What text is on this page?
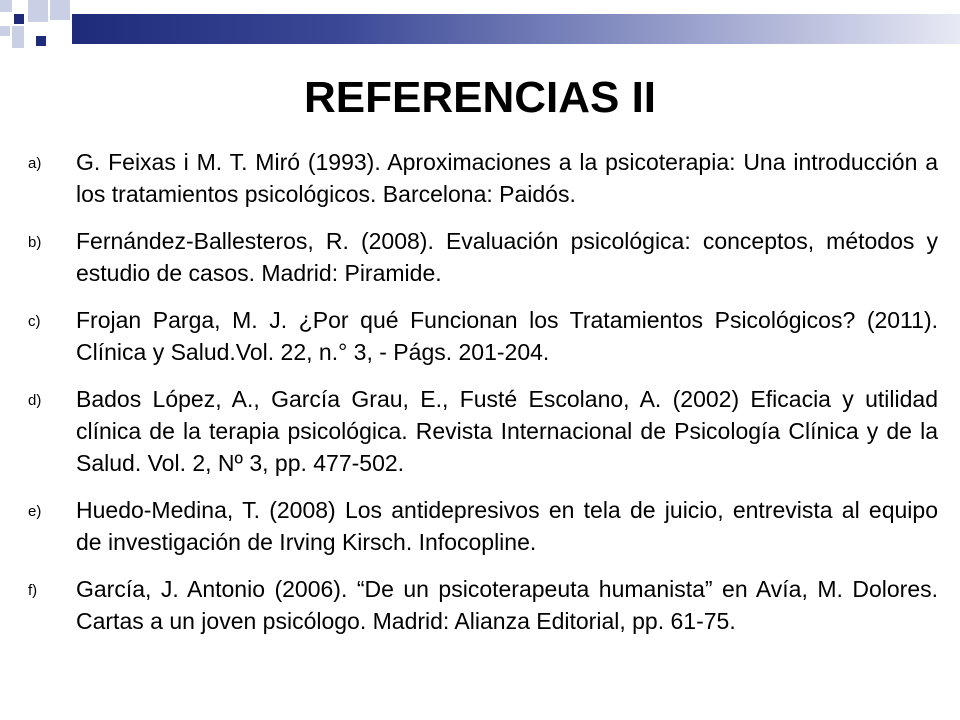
REFERENCIAS II
a) G. Feixas i M. T. Miró (1993). Aproximaciones a la psicoterapia: Una introducción a los tratamientos psicológicos. Barcelona: Paidós.
b) Fernández-Ballesteros, R. (2008). Evaluación psicológica: conceptos, métodos y estudio de casos. Madrid: Piramide.
c) Frojan Parga, M. J. ¿Por qué Funcionan los Tratamientos Psicológicos? (2011). Clínica y Salud.Vol. 22, n.° 3, - Págs. 201-204.
d) Bados López, A., García Grau, E., Fusté Escolano, A. (2002) Eficacia y utilidad clínica de la terapia psicológica. Revista Internacional de Psicología Clínica y de la Salud. Vol. 2, Nº 3, pp. 477-502.
e) Huedo-Medina, T. (2008) Los antidepresivos en tela de juicio, entrevista al equipo de investigación de Irving Kirsch. Infocopline.
f) García, J. Antonio (2006). “De un psicoterapeuta humanista” en Avía, M. Dolores. Cartas a un joven psicólogo. Madrid: Alianza Editorial, pp. 61-75.
